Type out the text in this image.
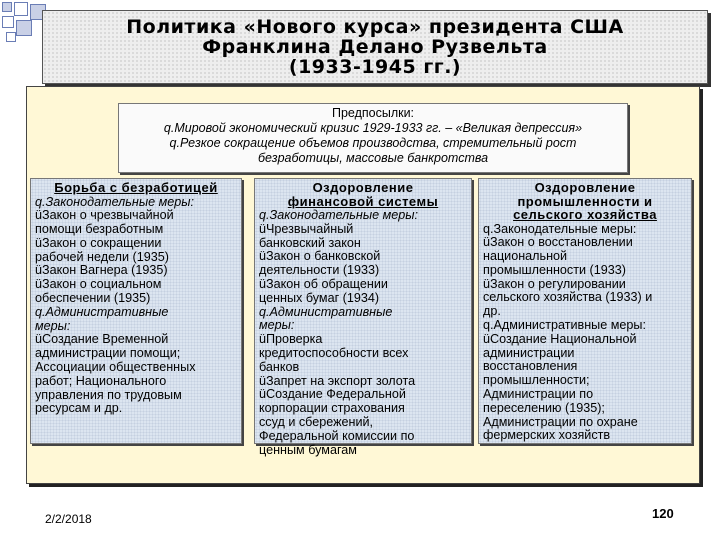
Политика «Нового курса» президента США
Франклина Делано Рузвельта
(1933-1945 гг.)
Предпосылки:
q.Мировой экономический кризис 1929-1933 гг. – «Великая депрессия»
q.Резкое сокращение объемов производства, стремительный рост
безработицы, массовые банкротства
Борьба с безработицей
q.Законодательные меры:
üЗакон о чрезвычайной
помощи безработным
üЗакон о сокращении
рабочей недели (1935)
üЗакон Вагнера (1935)
üЗакон о социальном
обеспечении (1935)
q.Административные
меры:
üСоздание Временной
администрации помощи;
Ассоциации общественных
работ; Национального
управления по трудовым
ресурсам и др.
Оздоровление
финансовой системы
q.Законодательные меры:
üЧрезвычайный
банковский закон
üЗакон о банковской
деятельности (1933)
üЗакон об обращении
ценных бумаг (1934)
q.Административные
меры:
üПроверка
кредитоспособности всех
банков
üЗапрет на экспорт золота
üСоздание Федеральной
корпорации страхования
ссуд и сбережений,
Федеральной комиссии по
ценным бумагам
Оздоровление
промышленности и
сельского хозяйства
q.Законодательные меры:
üЗакон о восстановлении
национальной
промышленности (1933)
üЗакон о регулировании
сельского хозяйства (1933) и
др.
q.Административные меры:
üСоздание Национальной
администрации
восстановления
промышленности;
Администрации по
переселению (1935);
Администрации по охране
фермерских хозяйств
2/2/2018	120
